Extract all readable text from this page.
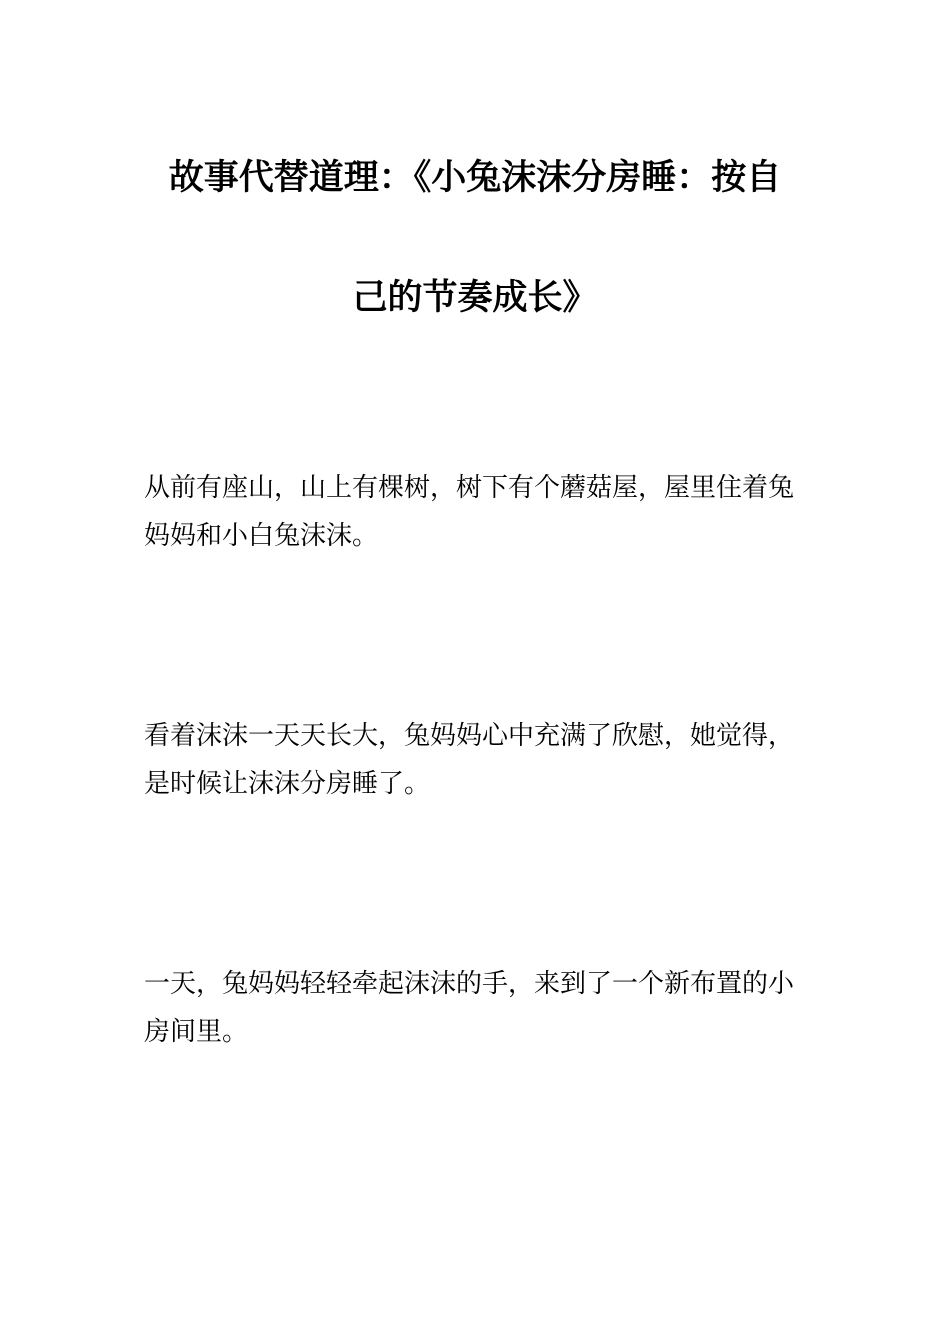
故事代替道理：《小兔沫沫分房睡：按自
己的节奏成长》

从前有座山，山上有棵树，树下有个蘑菇屋，屋里住着兔妈妈和小白兔沫沫。

看着沫沫一天天长大，兔妈妈心中充满了欣慰，她觉得，是时候让沫沫分房睡了。

一天，兔妈妈轻轻牵起沫沫的手，来到了一个新布置的小房间里。
